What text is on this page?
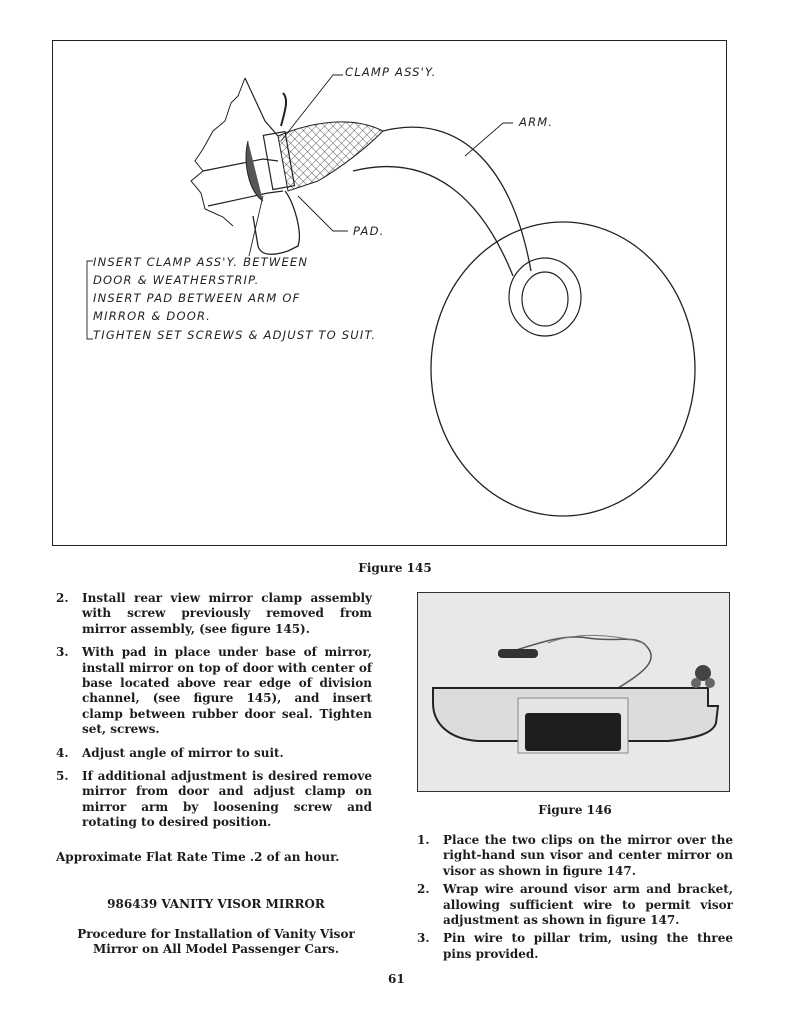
CLAMP ASS'Y.
ARM.
PAD.
INSERT CLAMP ASS'Y. BETWEEN
DOOR & WEATHERSTRIP.
INSERT PAD BETWEEN ARM OF
MIRROR & DOOR.
TIGHTEN SET SCREWS & ADJUST TO SUIT.
Figure 145
2. Install rear view mirror clamp assembly with screw previously removed from mirror assembly, (see figure 145).
3. With pad in place under base of mirror, install mirror on top of door with center of base located above rear edge of division channel, (see figure 145), and insert clamp between rubber door seal. Tighten set, screws.
4. Adjust angle of mirror to suit.
5. If additional adjustment is desired remove mirror from door and adjust clamp on mirror arm by loosening screw and rotating to desired position.
Approximate Flat Rate Time .2 of an hour.
986439 VANITY VISOR MIRROR
Procedure for Installation of Vanity Visor Mirror on All Model Passenger Cars.
Figure 146
1. Place the two clips on the mirror over the right-hand sun visor and center mirror on visor as shown in figure 147.
2. Wrap wire around visor arm and bracket, allowing sufficient wire to permit visor adjustment as shown in figure 147.
3. Pin wire to pillar trim, using the three pins provided.
61
